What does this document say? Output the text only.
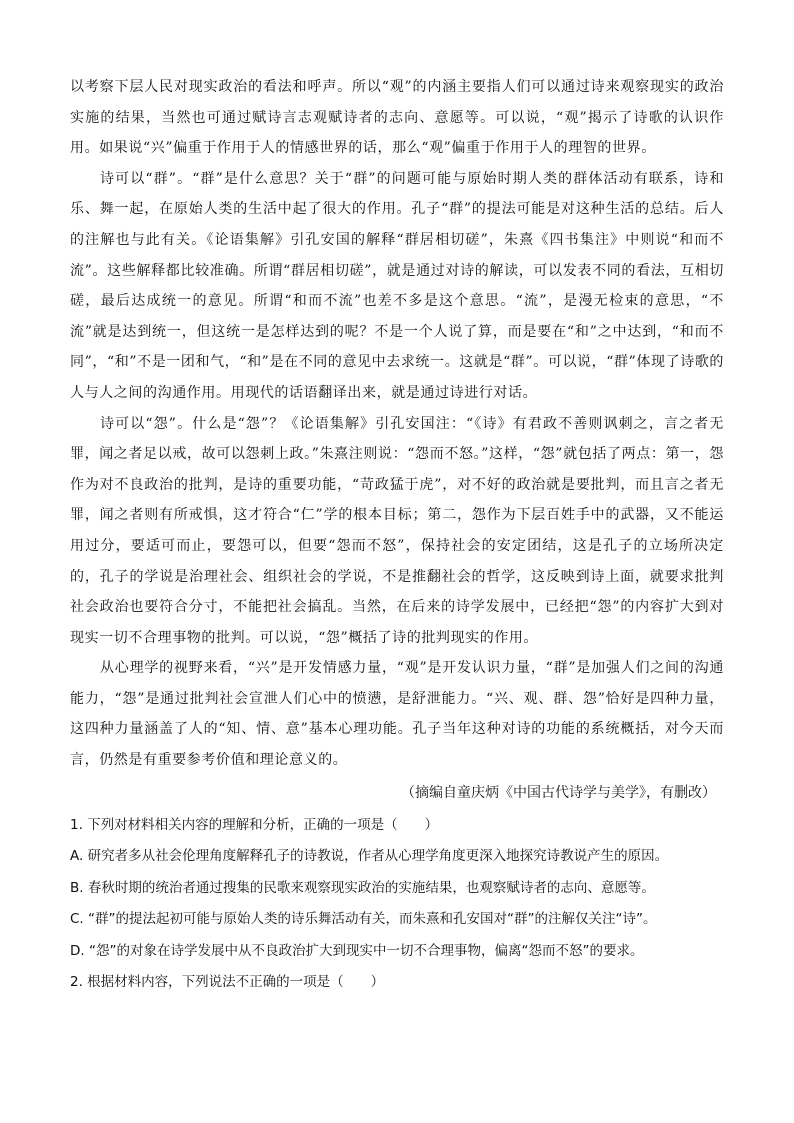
以考察下层人民对现实政治的看法和呼声。所以“观”的内涵主要指人们可以通过诗来观察现实的政治实施的结果，当然也可通过赋诗言志观赋诗者的志向、意愿等。可以说，“观”揭示了诗歌的认识作用。如果说“兴”偏重于作用于人的情感世界的话，那么“观”偏重于作用于人的理智的世界。

诗可以“群”。“群”是什么意思？关于“群”的问题可能与原始时期人类的群体活动有联系，诗和乐、舞一起，在原始人类的生活中起了很大的作用。孔子“群”的提法可能是对这种生活的总结。后人的注解也与此有关。《论语集解》引孔安国的解释“群居相切磋”，朱熹《四书集注》中则说“和而不流”。这些解释都比较准确。所谓“群居相切磋”，就是通过对诗的解读，可以发表不同的看法，互相切磋，最后达成统一的意见。所谓“和而不流”也差不多是这个意思。“流”，是漫无检束的意思，“不流”就是达到统一，但这统一是怎样达到的呢？不是一个人说了算，而是要在“和”之中达到，“和而不同”，“和”不是一团和气，“和”是在不同的意见中去求统一。这就是“群”。可以说，“群”体现了诗歌的人与人之间的沟通作用。用现代的话语翻译出来，就是通过诗进行对话。

诗可以“怨”。什么是“怨”？《论语集解》引孔安国注：“《诗》有君政不善则讽刺之，言之者无罪，闻之者足以戒，故可以怨刺上政。”朱熹注则说：“怨而不怒。”这样，“怨”就包括了两点：第一，怨作为对不良政治的批判，是诗的重要功能，“苛政猛于虎”，对不好的政治就是要批判，而且言之者无罪，闻之者则有所戒惧，这才符合“仁”学的根本目标；第二，怨作为下层百姓手中的武器，又不能运用过分，要适可而止，要怨可以，但要“怨而不怒”，保持社会的安定团结，这是孔子的立场所决定的，孔子的学说是治理社会、组织社会的学说，不是推翻社会的哲学，这反映到诗上面，就要求批判社会政治也要符合分寸，不能把社会搞乱。当然，在后来的诗学发展中，已经把“怨”的内容扩大到对现实一切不合理事物的批判。可以说，“怨”概括了诗的批判现实的作用。

从心理学的视野来看，“兴”是开发情感力量，“观”是开发认识力量，“群”是加强人们之间的沟通能力，“怨”是通过批判社会宣泄人们心中的愤懑，是舒泄能力。“兴、观、群、怨”恰好是四种力量，这四种力量涵盖了人的“知、情、意”基本心理功能。孔子当年这种对诗的功能的系统概括，对今天而言，仍然是有重要参考价值和理论意义的。

（摘编自童庆炳《中国古代诗学与美学》，有删改）

1. 下列对材料相关内容的理解和分析，正确的一项是（　　）

A. 研究者多从社会伦理角度解释孔子的诗教说，作者从心理学角度更深入地探究诗教说产生的原因。

B. 春秋时期的统治者通过搜集的民歌来观察现实政治的实施结果，也观察赋诗者的志向、意愿等。

C. “群”的提法起初可能与原始人类的诗乐舞活动有关，而朱熹和孔安国对“群”的注解仅关注“诗”。

D. “怨”的对象在诗学发展中从不良政治扩大到现实中一切不合理事物，偏离“怨而不怒”的要求。

2. 根据材料内容，下列说法不正确的一项是（　　）
